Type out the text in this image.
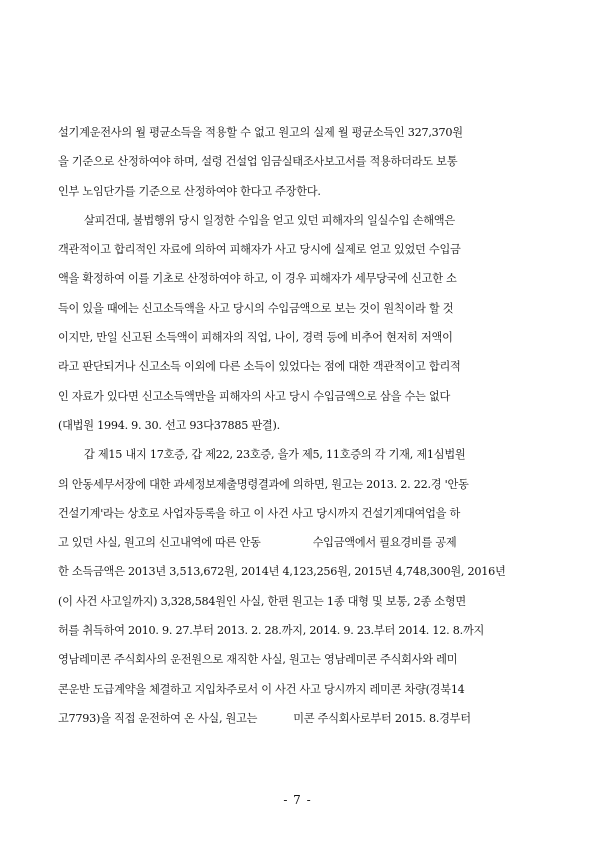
설기계운전사의 월 평균소득을 적용할 수 없고 원고의 실제 월 평균소득인 327,370원
을 기준으로 산정하여야 하며, 설령 건설업 임금실태조사보고서를 적용하더라도 보통
인부 노임단가를 기준으로 산정하여야 한다고 주장한다.
살피건대, 불법행위 당시 일정한 수입을 얻고 있던 피해자의 일실수입 손해액은
객관적이고 합리적인 자료에 의하여 피해자가 사고 당시에 실제로 얻고 있었던 수입금
액을 확정하여 이를 기초로 산정하여야 하고, 이 경우 피해자가 세무당국에 신고한 소
득이 있을 때에는 신고소득액을 사고 당시의 수입금액으로 보는 것이 원칙이라 할 것
이지만, 만일 신고된 소득액이 피해자의 직업, 나이, 경력 등에 비추어 현저히 저액이
라고 판단되거나 신고소득 이외에 다른 소득이 있었다는 점에 대한 객관적이고 합리적
인 자료가 있다면 신고소득액만을 피해자의 사고 당시 수입금액으로 삼을 수는 없다
(대법원 1994. 9. 30. 선고 93다37885 판결).
갑 제15 내지 17호증, 갑 제22, 23호증, 을가 제5, 11호증의 각 기재, 제1심법원
의 안동세무서장에 대한 과세정보제출명령결과에 의하면, 원고는 2013. 2. 22.경 '안동
건설기계'라는 상호로 사업자등록을 하고 이 사건 사고 당시까지 건설기계대여업을 하
고 있던 사실, 원고의 신고내역에 따른 안동	수입금액에서 필요경비를 공제
한 소득금액은 2013년 3,513,672원, 2014년 4,123,256원, 2015년 4,748,300원, 2016년
(이 사건 사고일까지) 3,328,584원인 사실, 한편 원고는 1종 대형 및 보통, 2종 소형면
허를 취득하여 2010. 9. 27.부터 2013. 2. 28.까지, 2014. 9. 23.부터 2014. 12. 8.까지
영남레미콘 주식회사의 운전원으로 재직한 사실, 원고는 영남레미콘 주식회사와 레미
콘운반 도급계약을 체결하고 지입차주로서 이 사건 사고 당시까지 레미콘 차량(경북14
고7793)을 직접 운전하여 온 사실, 원고는	미콘 주식회사로부터 2015. 8.경부터
- 7 -
